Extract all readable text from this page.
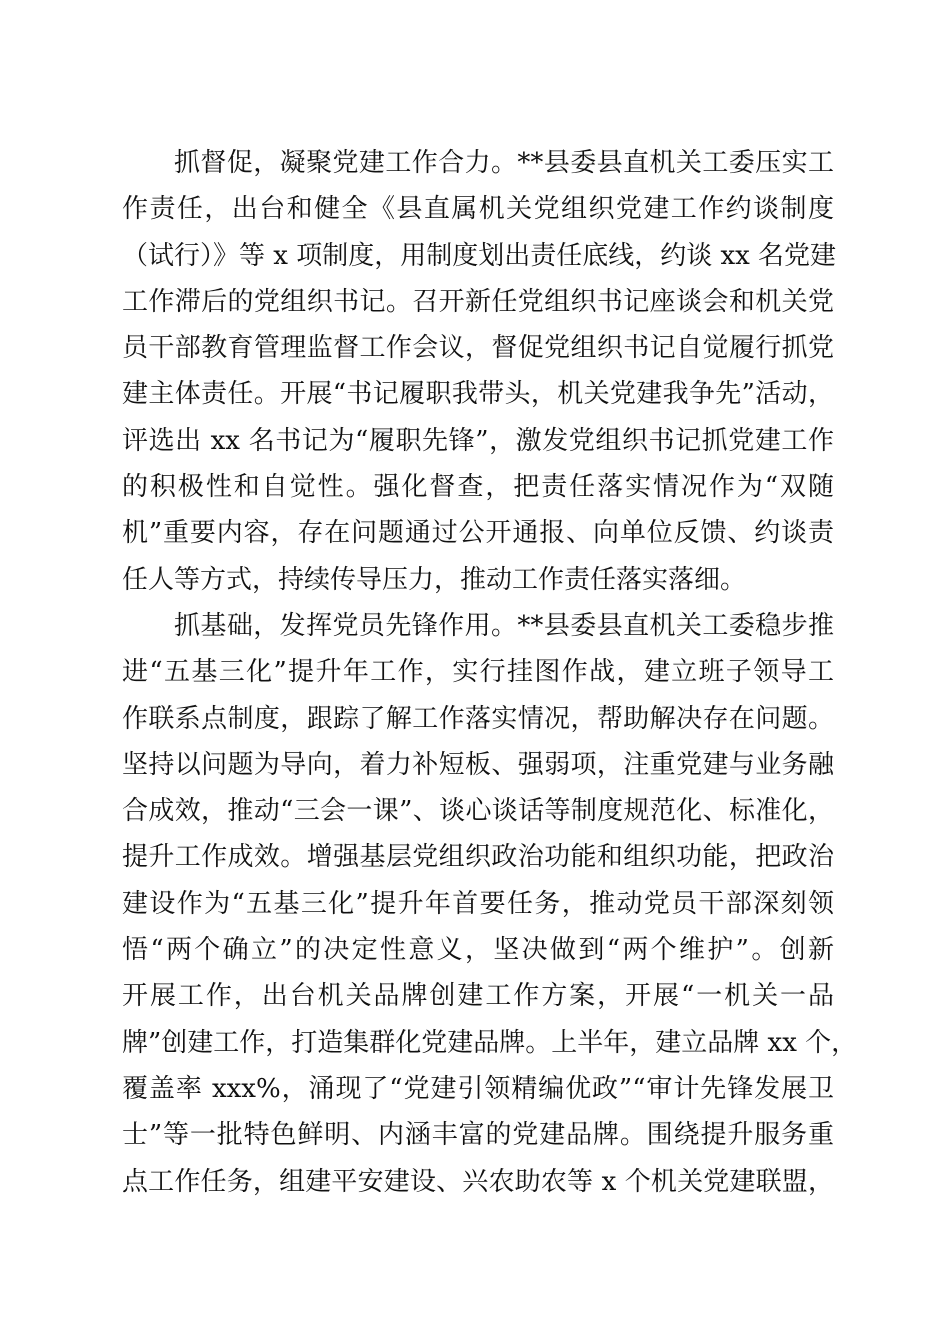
抓督促，凝聚党建工作合力。**县委县直机关工委压实工
作责任，出台和健全《县直属机关党组织党建工作约谈制度
（试行）》等 x 项制度，用制度划出责任底线，约谈 xx 名党建
工作滞后的党组织书记。召开新任党组织书记座谈会和机关党
员干部教育管理监督工作会议，督促党组织书记自觉履行抓党
建主体责任。开展“书记履职我带头，机关党建我争先”活动，
评选出 xx 名书记为“履职先锋”，激发党组织书记抓党建工作
的积极性和自觉性。强化督查，把责任落实情况作为“双随
机”重要内容，存在问题通过公开通报、向单位反馈、约谈责
任人等方式，持续传导压力，推动工作责任落实落细。
抓基础，发挥党员先锋作用。**县委县直机关工委稳步推
进“五基三化”提升年工作，实行挂图作战，建立班子领导工
作联系点制度，跟踪了解工作落实情况，帮助解决存在问题。
坚持以问题为导向，着力补短板、强弱项，注重党建与业务融
合成效，推动“三会一课”、谈心谈话等制度规范化、标准化，
提升工作成效。增强基层党组织政治功能和组织功能，把政治
建设作为“五基三化”提升年首要任务，推动党员干部深刻领
悟“两个确立”的决定性意义，坚决做到“两个维护”。创新
开展工作，出台机关品牌创建工作方案，开展“一机关一品
牌”创建工作，打造集群化党建品牌。上半年，建立品牌 xx 个，
覆盖率 xxx%，涌现了“党建引领精编优政”“审计先锋发展卫
士”等一批特色鲜明、内涵丰富的党建品牌。围绕提升服务重
点工作任务，组建平安建设、兴农助农等 x 个机关党建联盟，
